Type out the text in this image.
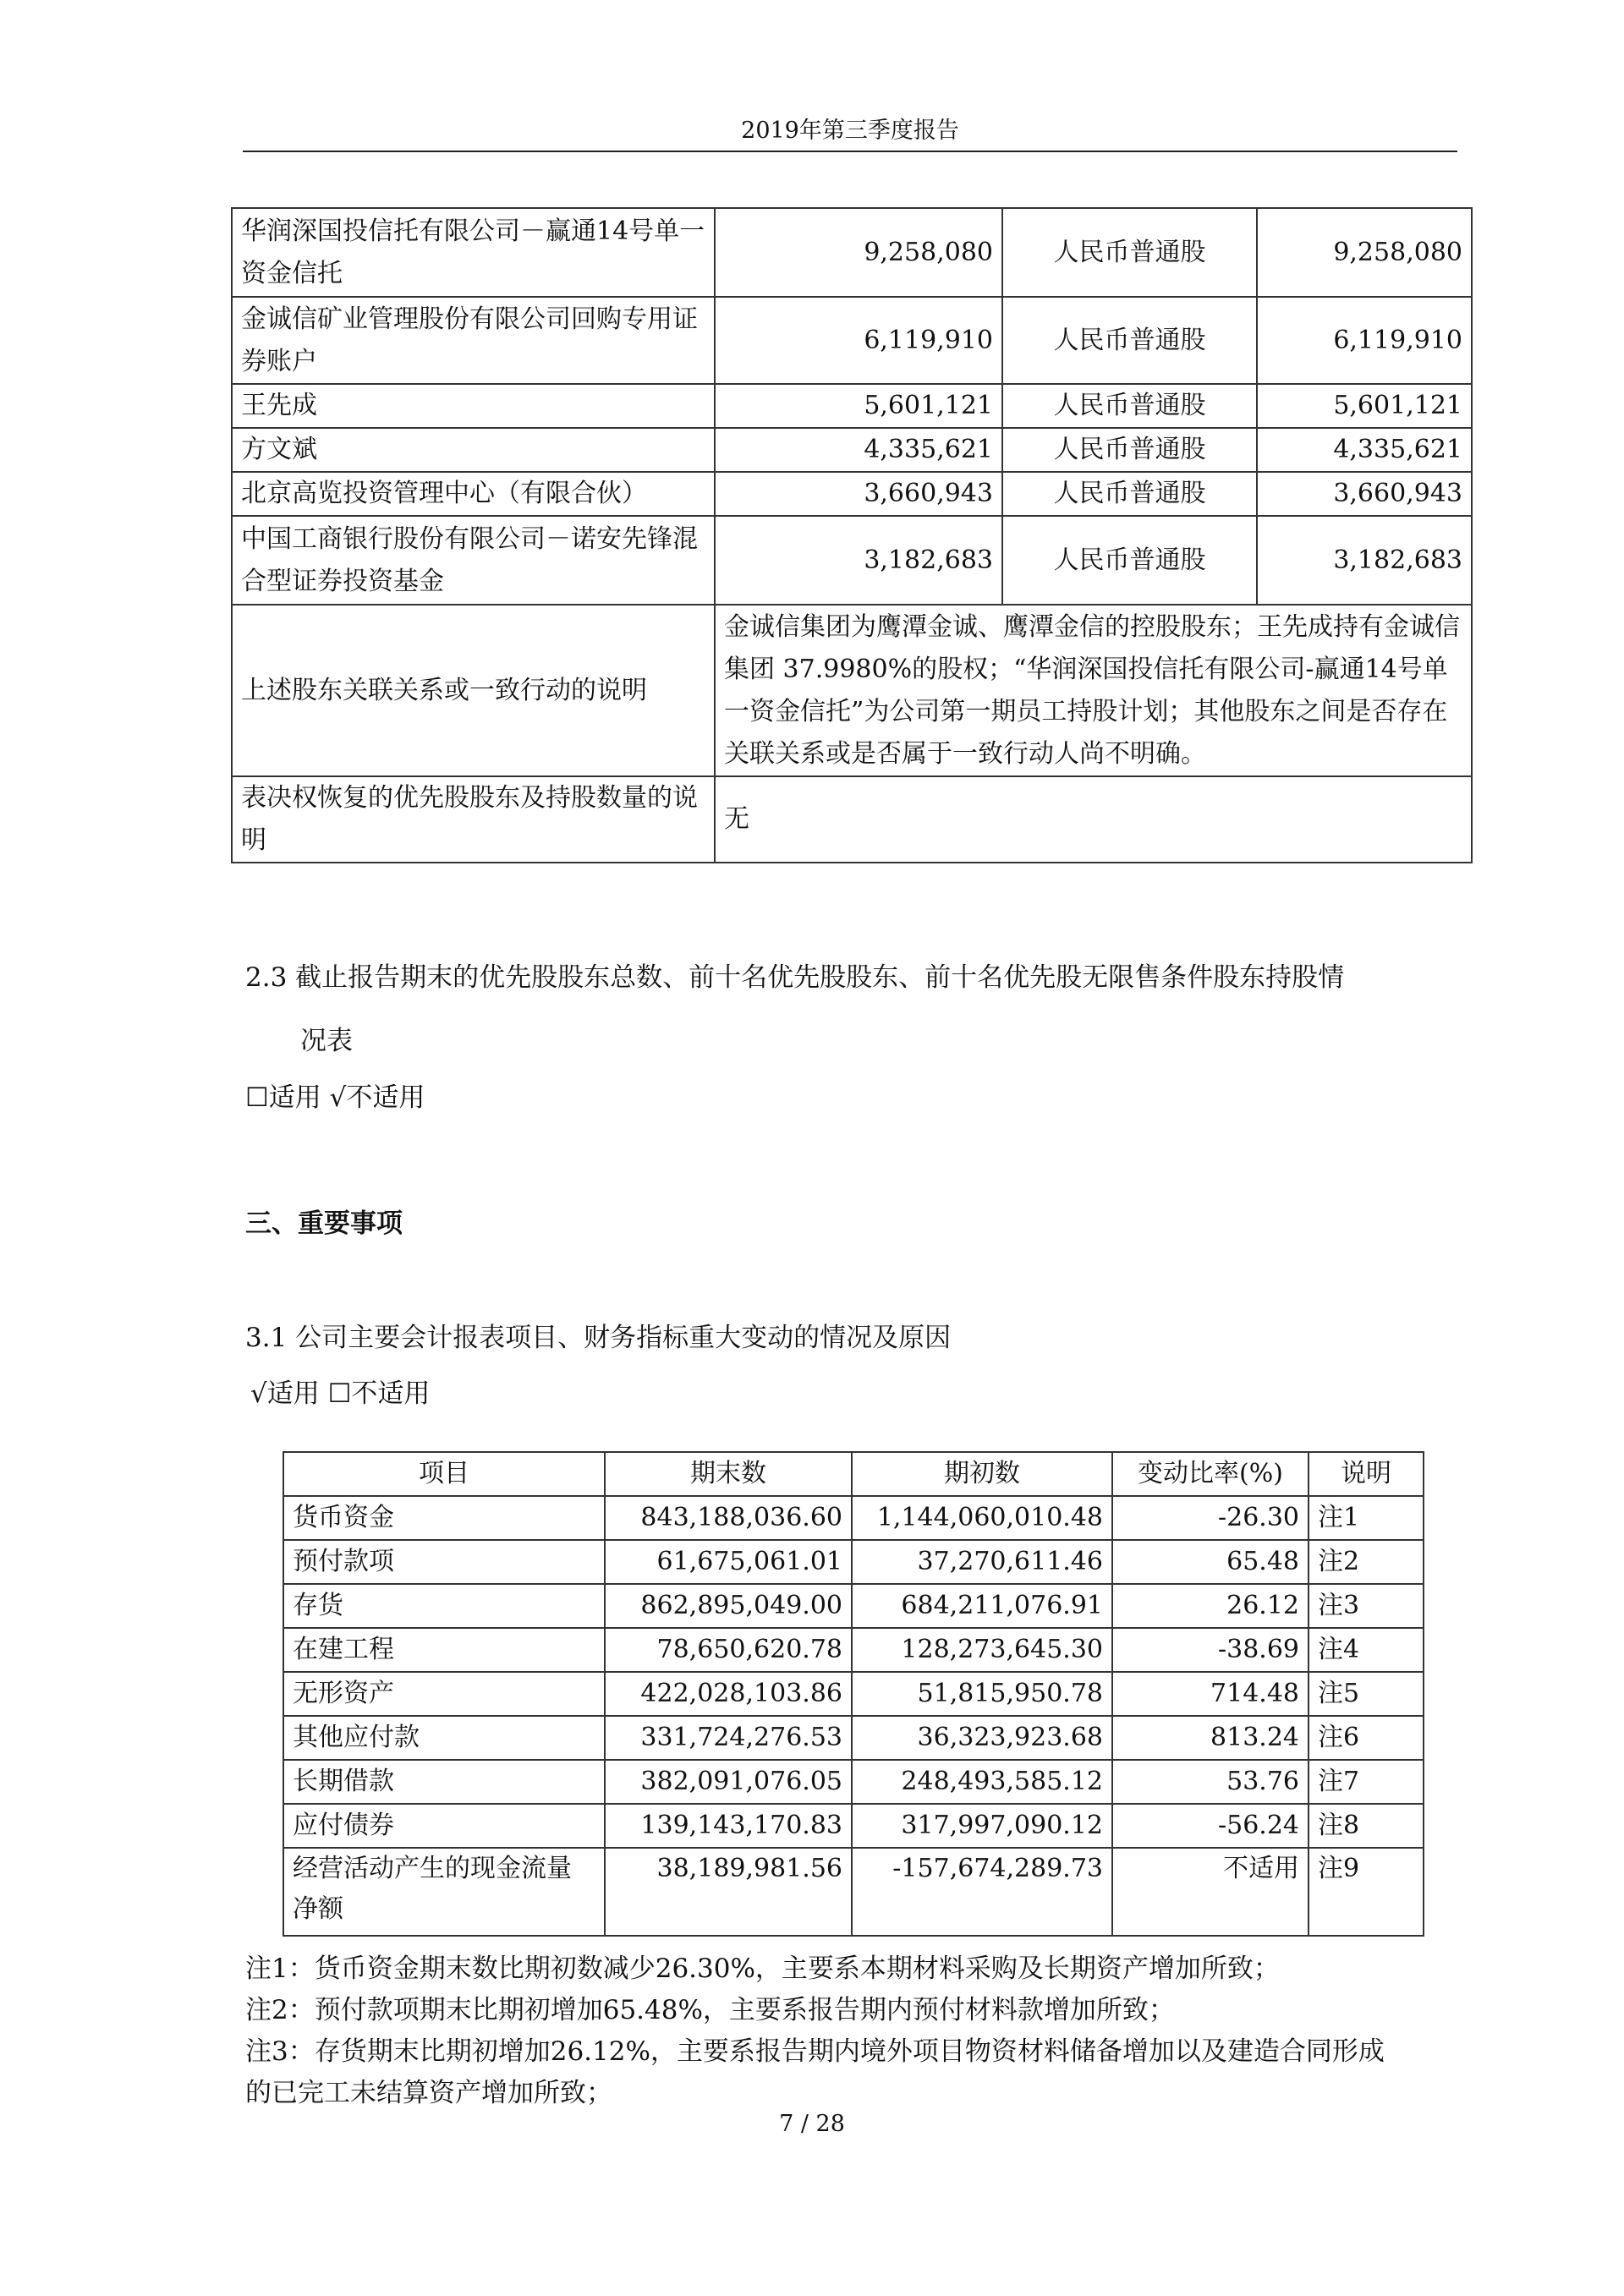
2019年第三季度报告
华润深国投信托有限公司－赢通14号单一资金信托	9,258,080	人民币普通股	9,258,080
金诚信矿业管理股份有限公司回购专用证券账户	6,119,910	人民币普通股	6,119,910
王先成	5,601,121	人民币普通股	5,601,121
方文斌	4,335,621	人民币普通股	4,335,621
北京高览投资管理中心（有限合伙）	3,660,943	人民币普通股	3,660,943
中国工商银行股份有限公司－诺安先锋混合型证券投资基金	3,182,683	人民币普通股	3,182,683
上述股东关联关系或一致行动的说明	金诚信集团为鹰潭金诚、鹰潭金信的控股股东；王先成持有金诚信集团 37.9980%的股权；“华润深国投信托有限公司-赢通14号单一资金信托”为公司第一期员工持股计划；其他股东之间是否存在关联关系或是否属于一致行动人尚不明确。		
表决权恢复的优先股股东及持股数量的说明	无		
2.3 截止报告期末的优先股股东总数、前十名优先股股东、前十名优先股无限售条件股东持股情
况表
☐适用 √不适用
三、重要事项
3.1 公司主要会计报表项目、财务指标重大变动的情况及原因
√适用 ☐不适用
项目	期末数	期初数	变动比率(%)	说明
货币资金	843,188,036.60	1,144,060,010.48	-26.30	注1
预付款项	61,675,061.01	37,270,611.46	65.48	注2
存货	862,895,049.00	684,211,076.91	26.12	注3
在建工程	78,650,620.78	128,273,645.30	-38.69	注4
无形资产	422,028,103.86	51,815,950.78	714.48	注5
其他应付款	331,724,276.53	36,323,923.68	813.24	注6
长期借款	382,091,076.05	248,493,585.12	53.76	注7
应付债券	139,143,170.83	317,997,090.12	-56.24	注8
经营活动产生的现金流量净额	38,189,981.56	-157,674,289.73	不适用	注9
注1：货币资金期末数比期初数减少26.30%，主要系本期材料采购及长期资产增加所致；
注2：预付款项期末比期初增加65.48%，主要系报告期内预付材料款增加所致；
注3：存货期末比期初增加26.12%，主要系报告期内境外项目物资材料储备增加以及建造合同形成
的已完工未结算资产增加所致；
7 / 28
